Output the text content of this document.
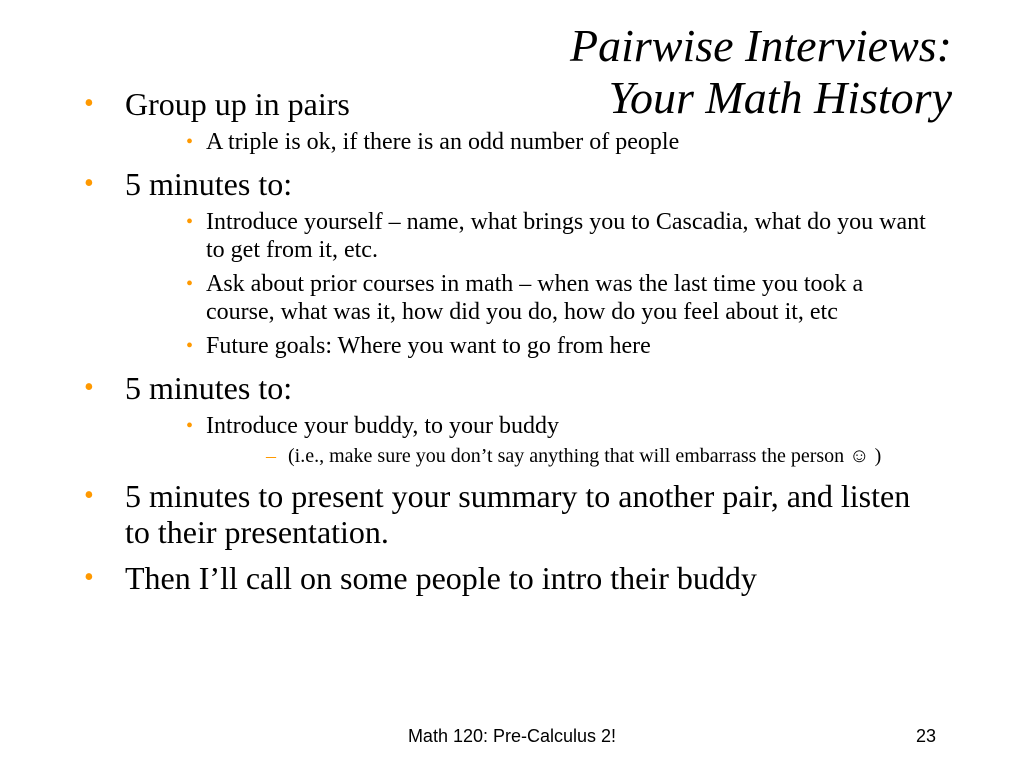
Pairwise Interviews:
Your Math History
• Group up in pairs
• A triple is ok, if there is an odd number of people
• 5 minutes to:
• Introduce yourself – name, what brings you to Cascadia, what do you want to get from it, etc.
• Ask about prior courses in math – when was the last time you took a course, what was it, how did you do, how do you feel about it, etc
• Future goals: Where you want to go from here
• 5 minutes to:
• Introduce your buddy, to your buddy
– (i.e., make sure you don’t say anything that will embarrass the person ☺ )
• 5 minutes to present your summary to another pair, and listen to their presentation.
• Then I’ll call on some people to intro their buddy
Math 120: Pre-Calculus 2!	23
